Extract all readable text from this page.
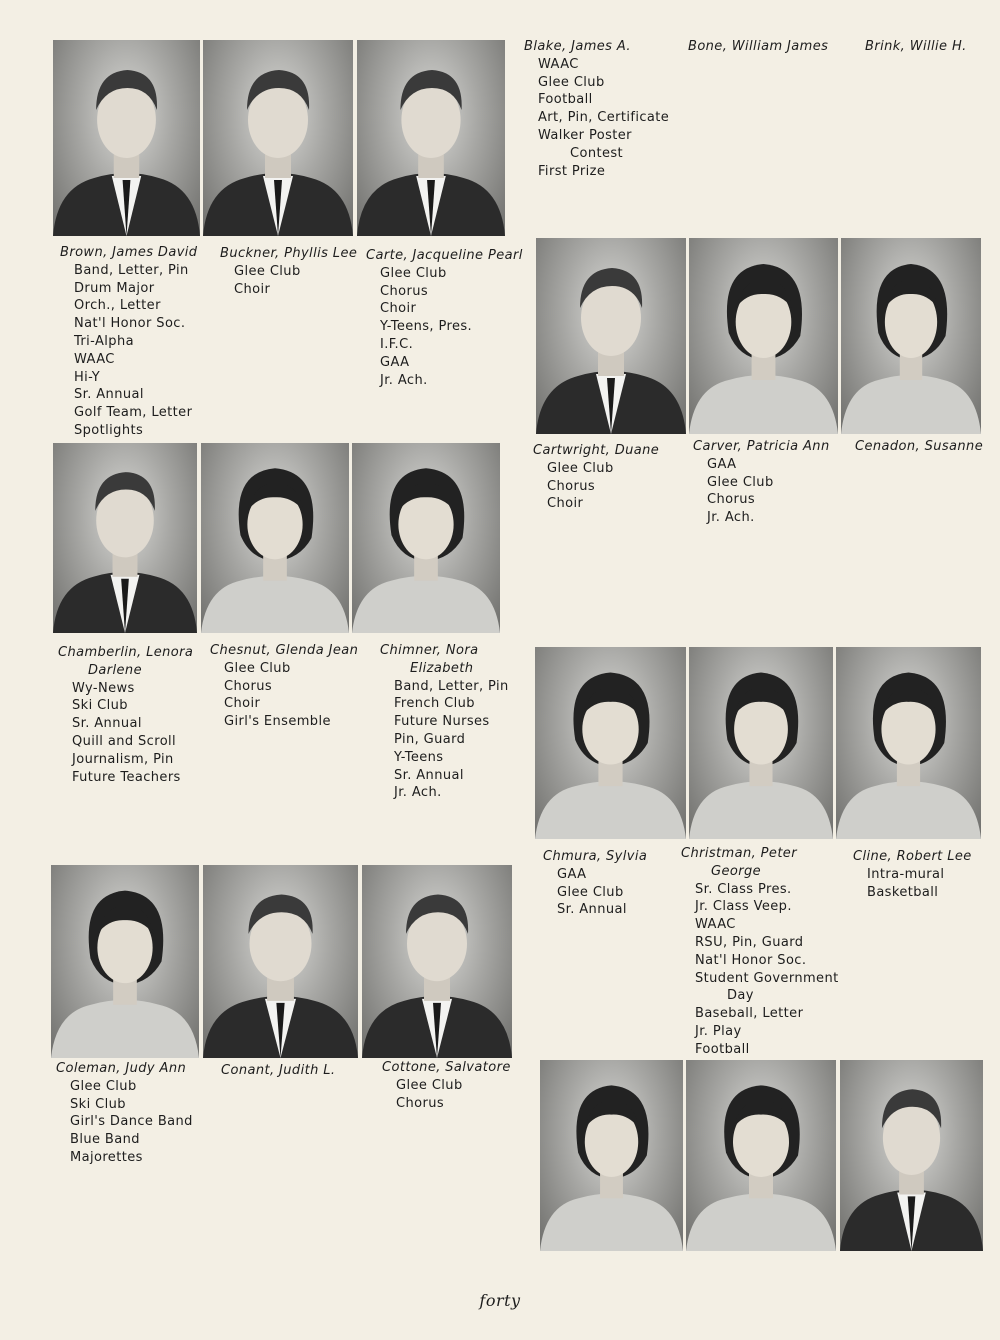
Blake, James A.
WAAC
Glee Club
Football
Art, Pin, Certificate
Walker Poster
Contest
First Prize
Bone, William James	Brink, Willie H.
Brown, James David
Band, Letter, Pin
Drum Major
Orch., Letter
Nat'l Honor Soc.
Tri-Alpha
WAAC
Hi-Y
Sr. Annual
Golf Team, Letter
Spotlights
Buckner, Phyllis Lee
Glee Club
Choir
Carte, Jacqueline Pearl
Glee Club
Chorus
Choir
Y-Teens, Pres.
I.F.C.
GAA
Jr. Ach.
Cartwright, Duane
Glee Club
Chorus
Choir
Carver, Patricia Ann
GAA
Glee Club
Chorus
Jr. Ach.
Cenadon, Susanne
Chamberlin, Lenora
Darlene
Wy-News
Ski Club
Sr. Annual
Quill and Scroll
Journalism, Pin
Future Teachers
Chesnut, Glenda Jean
Glee Club
Chorus
Choir
Girl's Ensemble
Chimner, Nora
Elizabeth
Band, Letter, Pin
French Club
Future Nurses
Pin, Guard
Y-Teens
Sr. Annual
Jr. Ach.
Chmura, Sylvia
GAA
Glee Club
Sr. Annual
Christman, Peter
George
Sr. Class Pres.
Jr. Class Veep.
WAAC
RSU, Pin, Guard
Nat'l Honor Soc.
Student Government
Day
Baseball, Letter
Jr. Play
Football
Cline, Robert Lee
Intra-mural
Basketball
Coleman, Judy Ann
Glee Club
Ski Club
Girl's Dance Band
Blue Band
Majorettes
Conant, Judith L.	Cottone, Salvatore
Glee Club
Chorus
forty
